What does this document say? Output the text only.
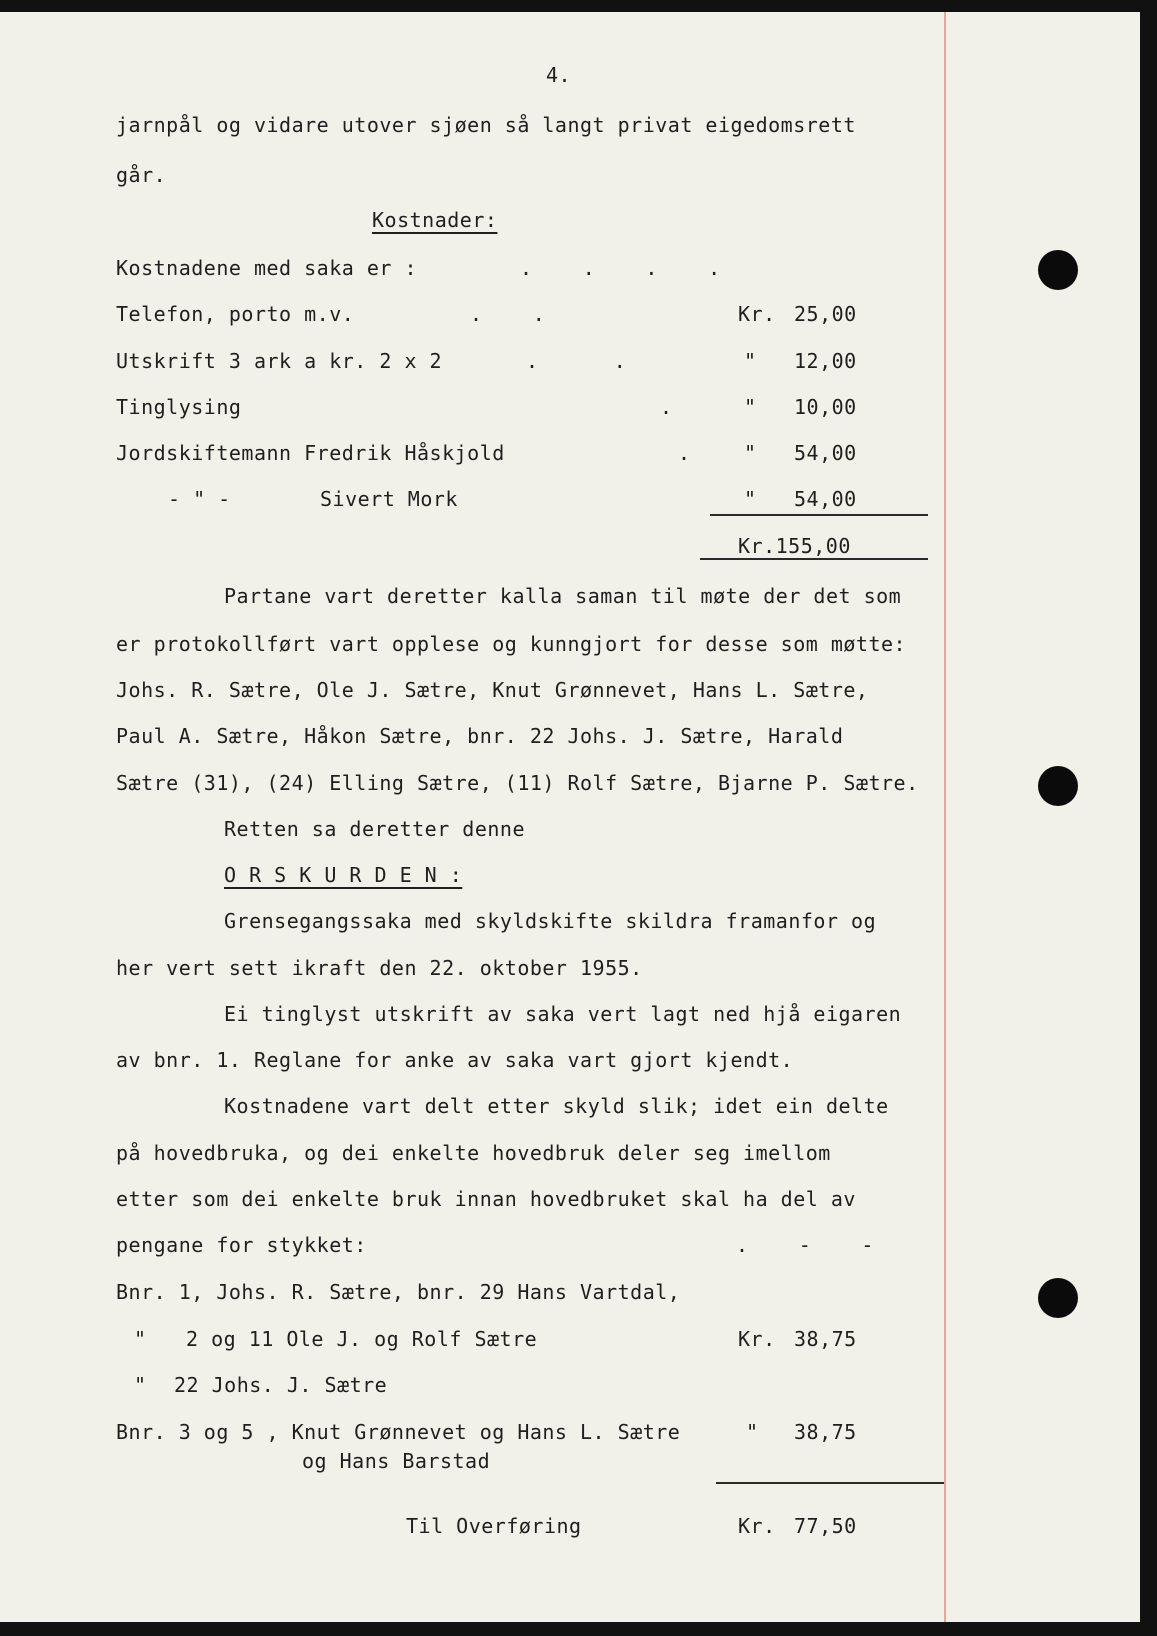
4.
jarnpål og vidare utover sjøen så langt privat eigedomsrett
går.
Kostnader:
Kostnadene med saka er :	.    .    .    .
Telefon, porto m.v.	.    .	Kr. 25,00
Utskrift 3 ark a kr. 2 x 2	.      .	" 12,00
Tinglysing	.	" 10,00
Jordskiftemann Fredrik Håskjold	.	" 54,00
- " -	Sivert Mork	" 54,00
Kr.155,00
Partane vart deretter kalla saman til møte der det som
er protokollført vart opplese og kunngjort for desse som møtte:
Johs. R. Sætre, Ole J. Sætre, Knut Grønnevet, Hans L. Sætre,
Paul A. Sætre, Håkon Sætre, bnr. 22 Johs. J. Sætre, Harald
Sætre (31), (24) Elling Sætre, (11) Rolf Sætre, Bjarne P. Sætre.
Retten sa deretter denne
O R S K U R D E N :
Grensegangssaka med skyldskifte skildra framanfor og
her vert sett ikraft den 22. oktober 1955.
Ei tinglyst utskrift av saka vert lagt ned hjå eigaren
av bnr. 1. Reglane for anke av saka vart gjort kjendt.
Kostnadene vart delt etter skyld slik; idet ein delte
på hovedbruka, og dei enkelte hovedbruk deler seg imellom
etter som dei enkelte bruk innan hovedbruket skal ha del av
pengane for stykket:	.    -    -
Bnr. 1, Johs. R. Sætre, bnr. 29 Hans Vartdal,
" 2 og 11 Ole J. og Rolf Sætre	Kr. 38,75
" 22 Johs. J. Sætre
Bnr. 3 og 5 , Knut Grønnevet og Hans L. Sætre	" 38,75
og Hans Barstad
Til Overføring	Kr. 77,50
